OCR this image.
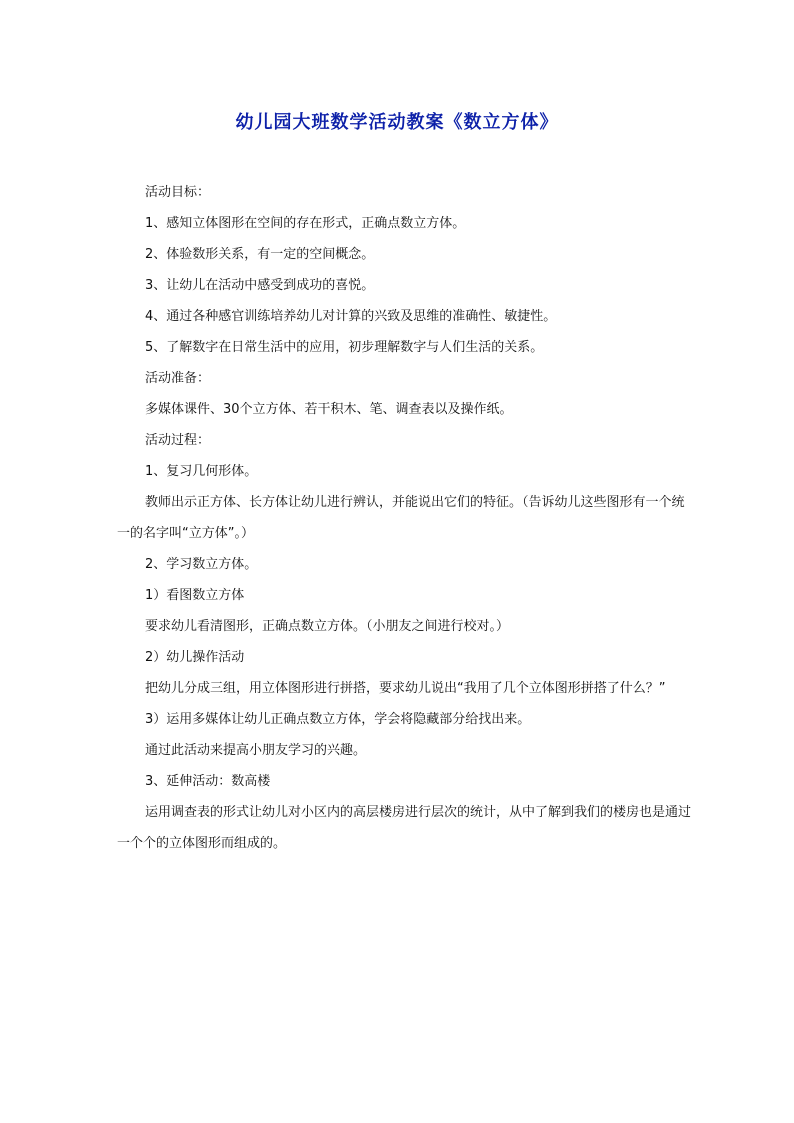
幼儿园大班数学活动教案《数立方体》

活动目标：

1、感知立体图形在空间的存在形式，正确点数立方体。

2、体验数形关系，有一定的空间概念。

3、让幼儿在活动中感受到成功的喜悦。

4、通过各种感官训练培养幼儿对计算的兴致及思维的准确性、敏捷性。

5、了解数字在日常生活中的应用，初步理解数字与人们生活的关系。

活动准备：

多媒体课件、30个立方体、若干积木、笔、调查表以及操作纸。

活动过程：

1、复习几何形体。

教师出示正方体、长方体让幼儿进行辨认，并能说出它们的特征。（告诉幼儿这些图形有一个统一的名字叫“立方体”。）

2、学习数立方体。

1）看图数立方体

要求幼儿看清图形，正确点数立方体。（小朋友之间进行校对。）

2）幼儿操作活动

把幼儿分成三组，用立体图形进行拼搭，要求幼儿说出“我用了几个立体图形拼搭了什么？”

3）运用多媒体让幼儿正确点数立方体，学会将隐藏部分给找出来。

通过此活动来提高小朋友学习的兴趣。

3、延伸活动：数高楼

运用调查表的形式让幼儿对小区内的高层楼房进行层次的统计，从中了解到我们的楼房也是通过一个个的立体图形而组成的。
